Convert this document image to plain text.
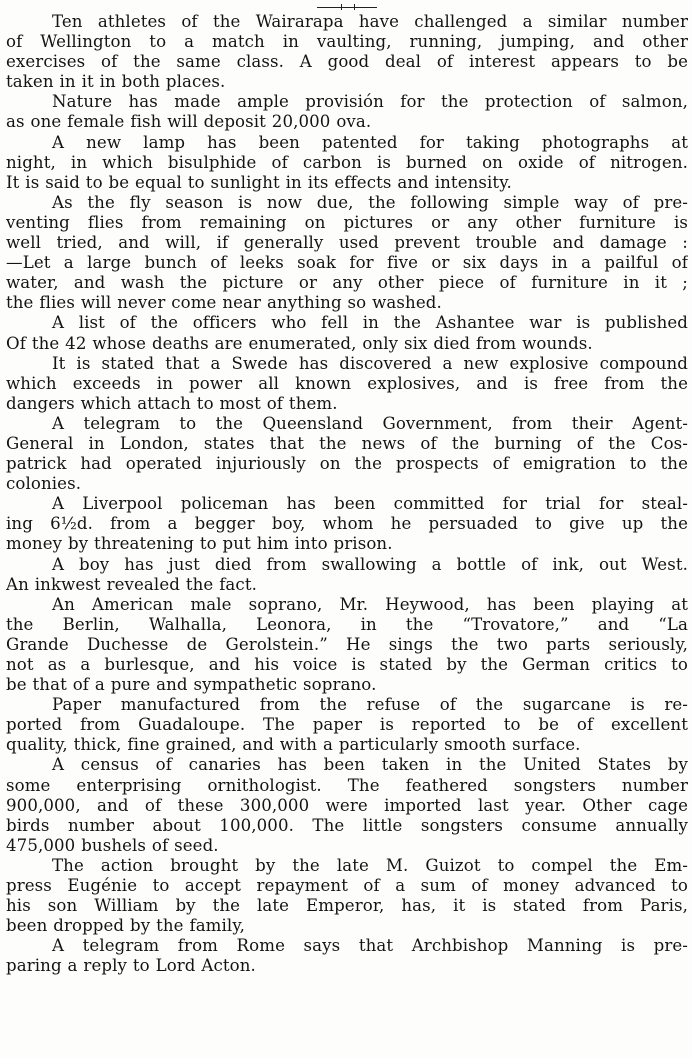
Ten athletes of the Wairarapa have challenged a similar number
of Wellington to a match in vaulting, running, jumping, and other
exercises of the same class. A good deal of interest appears to be
taken in it in both places.

Nature has made ample provisión for the protection of salmon,
as one female fish will deposit 20,000 ova.

A new lamp has been patented for taking photographs at
night, in which bisulphide of carbon is burned on oxide of nitrogen.
It is said to be equal to sunlight in its effects and intensity.

As the fly season is now due, the following simple way of pre-
venting flies from remaining on pictures or any other furniture is
well tried, and will, if generally used prevent trouble and damage :
—Let a large bunch of leeks soak for five or six days in a pailful of
water, and wash the picture or any other piece of furniture in it ;
the flies will never come near anything so washed.

A list of the officers who fell in the Ashantee war is published
Of the 42 whose deaths are enumerated, only six died from wounds.

It is stated that a Swede has discovered a new explosive compound
which exceeds in power all known explosives, and is free from the
dangers which attach to most of them.

A telegram to the Queensland Government, from their Agent-
General in London, states that the news of the burning of the Cos-
patrick had operated injuriously on the prospects of emigration to the
colonies.

A Liverpool policeman has been committed for trial for steal-
ing 6½d. from a begger boy, whom he persuaded to give up the
money by threatening to put him into prison.

A boy has just died from swallowing a bottle of ink, out West.
An inkwest revealed the fact.

An American male soprano, Mr. Heywood, has been playing at
the Berlin, Walhalla, Leonora, in the “Trovatore,” and “La
Grande Duchesse de Gerolstein.” He sings the two parts seriously,
not as a burlesque, and his voice is stated by the German critics to
be that of a pure and sympathetic soprano.

Paper manufactured from the refuse of the sugarcane is re-
ported from Guadaloupe. The paper is reported to be of excellent
quality, thick, fine grained, and with a particularly smooth surface.

A census of canaries has been taken in the United States by
some enterprising ornithologist. The feathered songsters number
900,000, and of these 300,000 were imported last year. Other cage
birds number about 100,000. The little songsters consume annually
475,000 bushels of seed.

The action brought by the late M. Guizot to compel the Em-
press Eugénie to accept repayment of a sum of money advanced to
his son William by the late Emperor, has, it is stated from Paris,
been dropped by the family,

A telegram from Rome says that Archbishop Manning is pre-
paring a reply to Lord Acton.
